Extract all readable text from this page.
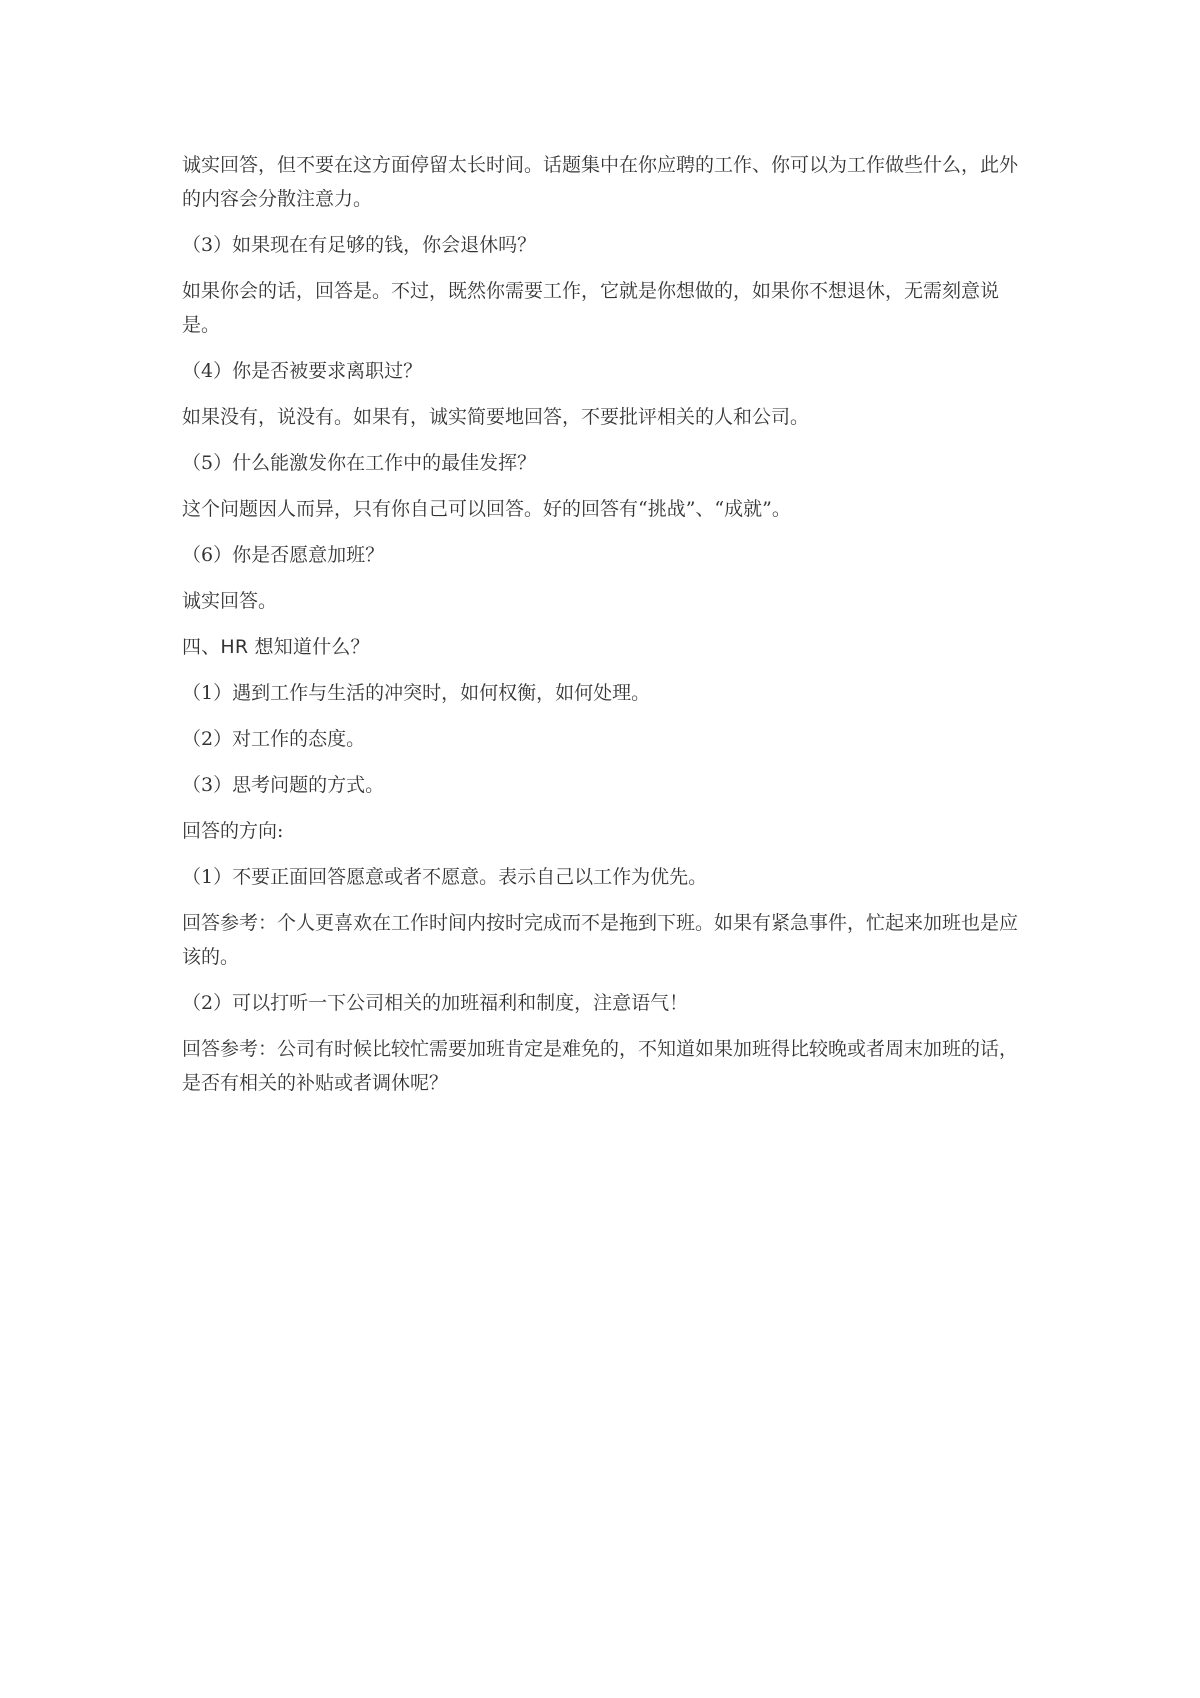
诚实回答，但不要在这方面停留太长时间。话题集中在你应聘的工作、你可以为工作做些什么，此外的内容会分散注意力。

（3）如果现在有足够的钱，你会退休吗？

如果你会的话，回答是。不过，既然你需要工作，它就是你想做的，如果你不想退休，无需刻意说是。

（4）你是否被要求离职过？

如果没有，说没有。如果有，诚实简要地回答，不要批评相关的人和公司。

（5）什么能激发你在工作中的最佳发挥？

这个问题因人而异，只有你自己可以回答。好的回答有“挑战”、“成就”。

（6）你是否愿意加班？

诚实回答。

四、HR 想知道什么？

（1）遇到工作与生活的冲突时，如何权衡，如何处理。

（2）对工作的态度。

（3）思考问题的方式。

回答的方向:

（1）不要正面回答愿意或者不愿意。表示自己以工作为优先。

回答参考：个人更喜欢在工作时间内按时完成而不是拖到下班。如果有紧急事件，忙起来加班也是应该的。

（2）可以打听一下公司相关的加班福利和制度，注意语气！

回答参考：公司有时候比较忙需要加班肯定是难免的，不知道如果加班得比较晚或者周末加班的话，是否有相关的补贴或者调休呢？
